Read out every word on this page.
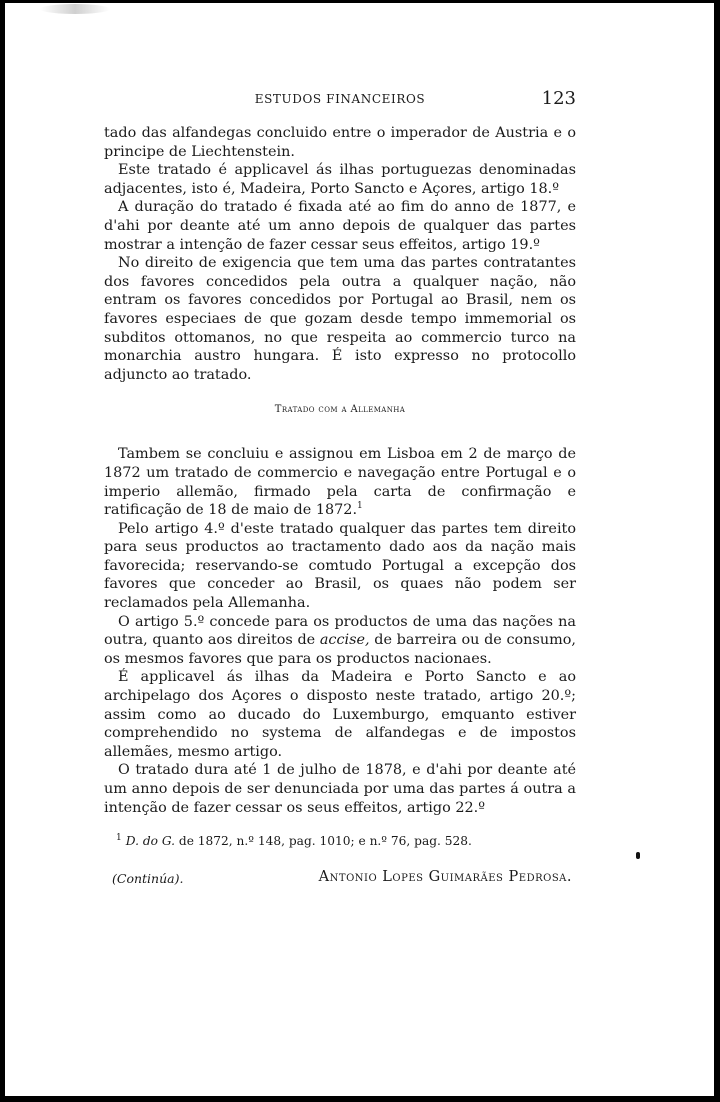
ESTUDOS FINANCEIROS	123

tado das alfandegas concluido entre o imperador de Austria e o principe de Liechtenstein.

Este tratado é applicavel ás ilhas portuguezas denominadas adjacentes, isto é, Madeira, Porto Sancto e Açores, artigo 18.º

A duração do tratado é fixada até ao fim do anno de 1877, e d'ahi por deante até um anno depois de qualquer das partes mostrar a intenção de fazer cessar seus effeitos, artigo 19.º

No direito de exigencia que tem uma das partes contratantes dos favores concedidos pela outra a qualquer nação, não entram os favores concedidos por Portugal ao Brasil, nem os favores especiaes de que gozam desde tempo immemorial os subditos ottomanos, no que respeita ao commercio turco na monarchia austro hungara. É isto expresso no protocollo adjuncto ao tratado.

Tratado com a Allemanha

Tambem se concluiu e assignou em Lisboa em 2 de março de 1872 um tratado de commercio e navegação entre Portugal e o imperio allemão, firmado pela carta de confirmação e ratificação de 18 de maio de 1872.$^1$

Pelo artigo 4.º d'este tratado qualquer das partes tem direito para seus productos ao tractamento dado aos da nação mais favorecida; reservando-se comtudo Portugal a excepção dos favores que conceder ao Brasil, os quaes não podem ser reclamados pela Allemanha.

O artigo 5.º concede para os productos de uma das nações na outra, quanto aos direitos de accise, de barreira ou de consumo, os mesmos favores que para os productos nacionaes.

É applicavel ás ilhas da Madeira e Porto Sancto e ao archipelago dos Açores o disposto neste tratado, artigo 20.º; assim como ao ducado do Luxemburgo, emquanto estiver comprehendido no systema de alfandegas e de impostos allemães, mesmo artigo.

O tratado dura até 1 de julho de 1878, e d'ahi por deante até um anno depois de ser denunciada por uma das partes á outra a intenção de fazer cessar os seus effeitos, artigo 22.º

$^1$ D. do G. de 1872, n.º 148, pag. 1010; e n.º 76, pag. 528.
(Continúa).	Antonio Lopes Guimarães Pedrosa.
